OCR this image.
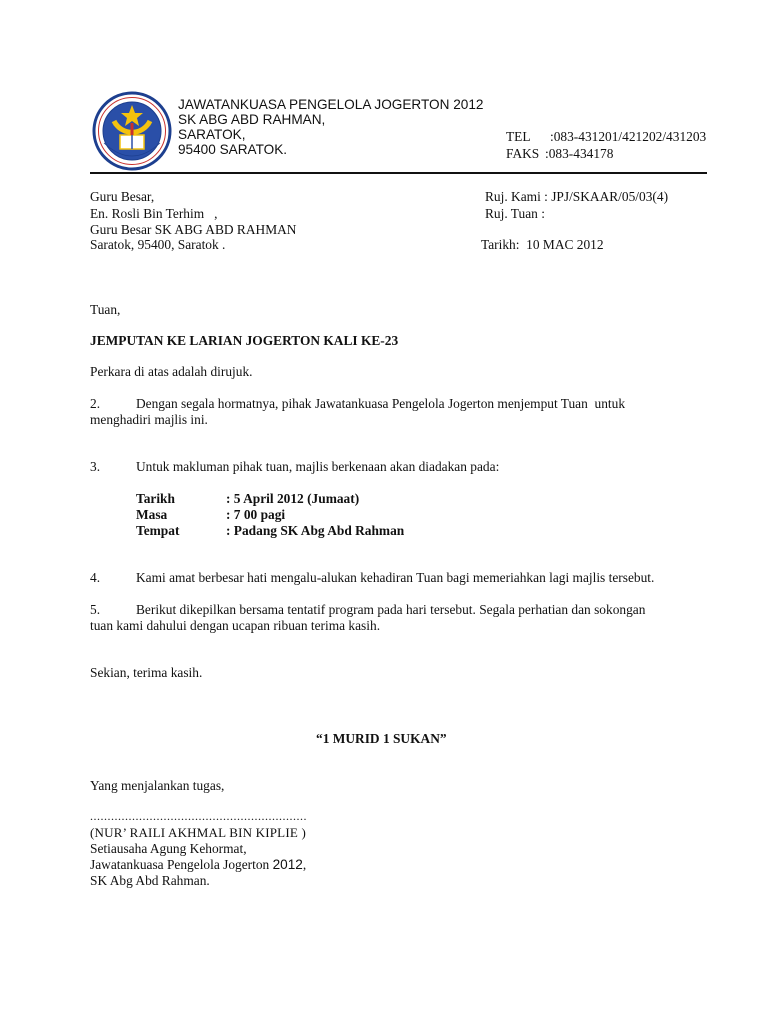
JAWATANKUASA PENGELOLA JOGERTON 2012
SK ABG ABD RAHMAN,
SARATOK,
95400 SARATOK.
TEL :083-431201/421202/431203
FAKS :083-434178
Guru Besar,
En. Rosli Bin Terhim   ,
Guru Besar SK ABG ABD RAHMAN
Saratok, 95400, Saratok .
Ruj. Kami : JPJ/SKAAR/05/03(4)
Ruj. Tuan :
Tarikh:  10 MAC 2012
Tuan,
JEMPUTAN KE LARIAN JOGERTON KALI KE-23
Perkara di atas adalah dirujuk.
2.	Dengan segala hormatnya, pihak Jawatankuasa Pengelola Jogerton menjemput Tuan  untuk
menghadiri majlis ini.
3.	Untuk makluman pihak tuan, majlis berkenaan akan diadakan pada:
Tarikh	: 5 April 2012 (Jumaat)
Masa	: 7 00 pagi
Tempat	: Padang SK Abg Abd Rahman
4.	Kami amat berbesar hati mengalu-alukan kehadiran Tuan bagi memeriahkan lagi majlis tersebut.
5.	Berikut dikepilkan bersama tentatif program pada hari tersebut. Segala perhatian dan sokongan
tuan kami dahului dengan ucapan ribuan terima kasih.
Sekian, terima kasih.
“1 MURID 1 SUKAN”
Yang menjalankan tugas,
..............................................................
(NUR’ RAILI AKHMAL BIN KIPLIE )
Setiausaha Agung Kehormat,
Jawatankuasa Pengelola Jogerton 2012,
SK Abg Abd Rahman.
